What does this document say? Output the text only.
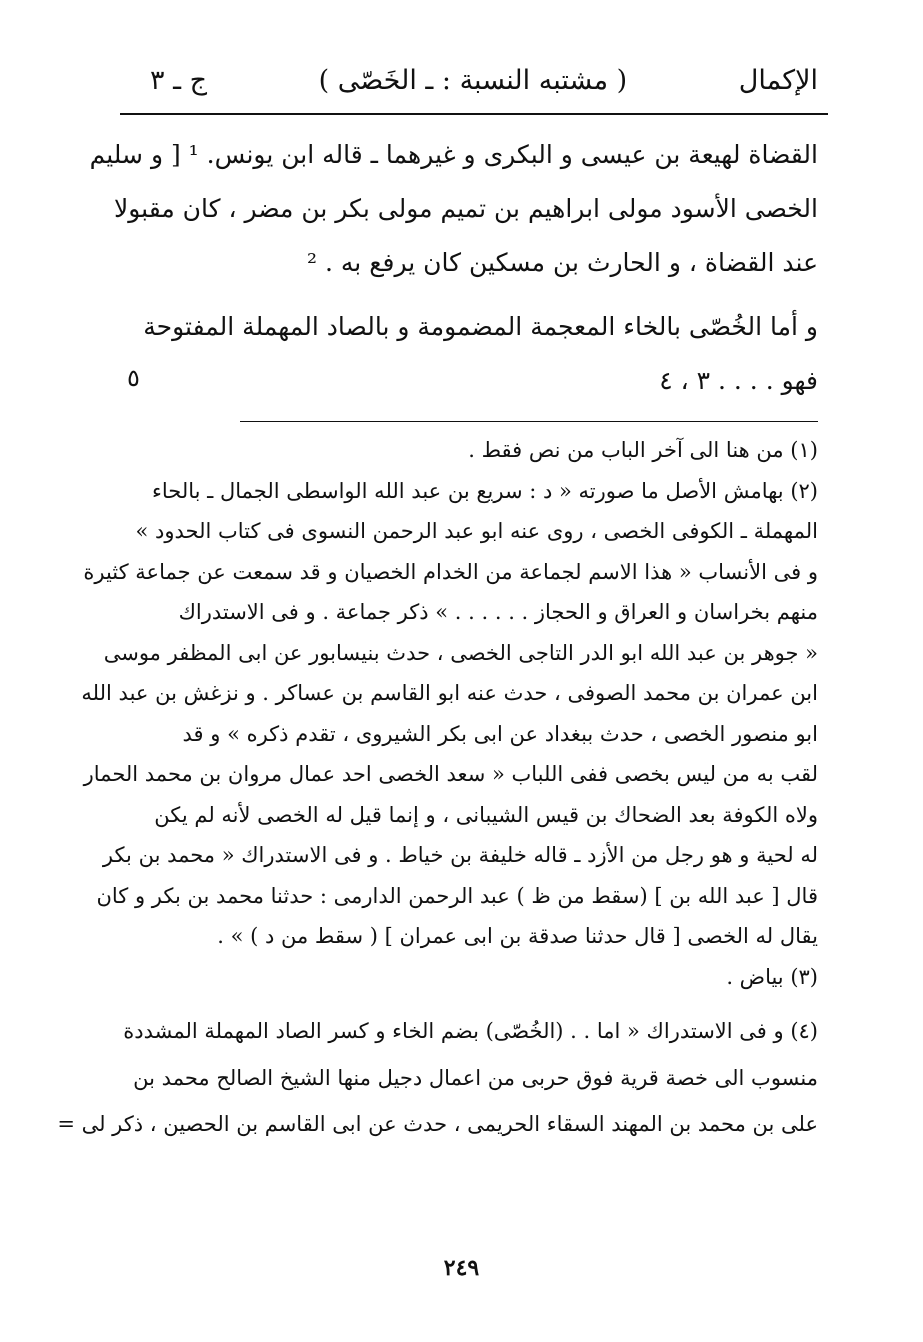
الإكمال
( مشتبه النسبة : ـ الخَصّى )
ج ـ ٣
القضاة لهيعة بن عيسى و البكرى و غيرهما ـ قاله ابن يونس. ¹ [ و سليم
الخصى الأسود مولى ابراهيم بن تميم مولى بكر بن مضر ، كان مقبولا
عند القضاة ، و الحارث بن مسكين كان يرفع به . ²
و أما الخُصّى بالخاء المعجمة المضمومة و بالصاد المهملة المفتوحة
فهو . . . . ٣ ، ٤
٥
(١) من هنا الى آخر الباب من نص فقط .
(٢) بهامش الأصل ما صورته « د : سريع بن عبد الله الواسطى الجمال ـ بالحاء
المهملة ـ الكوفى الخصى ، روى عنه ابو عبد الرحمن النسوى فى كتاب الحدود »
و فى الأنساب « هذا الاسم لجماعة من الخدام الخصيان و قد سمعت عن جماعة كثيرة
منهم بخراسان و العراق و الحجاز . . . . . . » ذكر جماعة . و فى الاستدراك
« جوهر بن عبد الله ابو الدر التاجى الخصى ، حدث بنيسابور عن ابى المظفر موسى
ابن عمران بن محمد الصوفى ، حدث عنه ابو القاسم بن عساكر . و نزغش بن عبد الله
ابو منصور الخصى ، حدث ببغداد عن ابى بكر الشيروى ، تقدم ذكره » و قد
لقب به من ليس بخصى ففى اللباب « سعد الخصى احد عمال مروان بن محمد الحمار
ولاه الكوفة بعد الضحاك بن قيس الشيبانى ، و إنما قيل له الخصى لأنه لم يكن
له لحية و هو رجل من الأزد ـ قاله خليفة بن خياط . و فى الاستدراك « محمد بن بكر
قال [ عبد الله بن ] (سقط من ظ ) عبد الرحمن الدارمى : حدثنا محمد بن بكر و كان
يقال له الخصى [ قال حدثنا صدقة بن ابى عمران ] ( سقط من د ) » .
(٣) بياض .
(٤) و فى الاستدراك « اما . . (الخُصّى) بضم الخاء و كسر الصاد المهملة المشددة
منسوب الى خصة قرية فوق حربى من اعمال دجيل منها الشيخ الصالح محمد بن
على بن محمد بن المهند السقاء الحريمى ، حدث عن ابى القاسم بن الحصين ، ذكر لى =
٢٤٩
